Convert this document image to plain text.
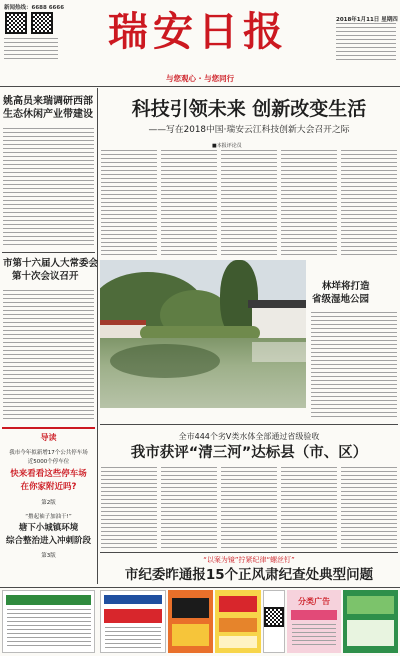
新闻热线：6688 6666 瑞安日报
与您观心 · 与您同行
2018年1月11日 星期四
姚高员来瑞调研西部
生态休闲产业带建设
市第十六届人大常委会
第十次会议召开
导读
我市今年拟新增17个公共停车场
近5000个停车位
快来看看这些停车场
在你家附近吗?
第2版
“撸起袖子加油干!”
塘下小城镇环境
综合整治进入冲刺阶段
第3版
科技引领未来 创新改变生活
——写在2018中国·瑞安云江科技创新大会召开之际
■本报评论员
林垟将打造
省级湿地公园
全市444个劣Ⅴ类水体全部通过省级验收
我市获评“清三河”达标县（市、区）
“以案为镜”拧紧纪律“螺丝钉”
市纪委昨通报15个正风肃纪查处典型问题
分类广告
